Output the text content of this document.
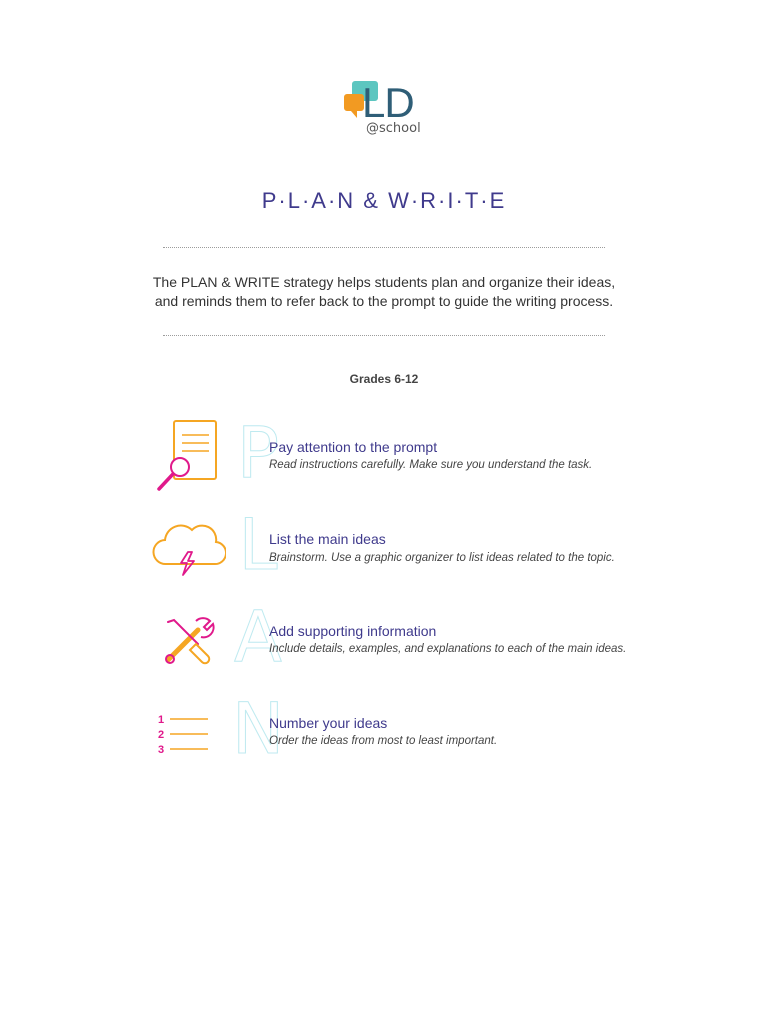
LD
@school
P·L·A·N & W·R·I·T·E
The PLAN & WRITE strategy helps students plan and organize their ideas,
and reminds them to refer back to the prompt to guide the writing process.
Grades 6-12
P
Pay attention to the prompt
Read instructions carefully. Make sure you understand the task.
L
List the main ideas
Brainstorm. Use a graphic organizer to list ideas related to the topic.
A
Add supporting information
Include details, examples, and explanations to each of the main ideas.
1
2
3 N
Number your ideas
Order the ideas from most to least important.
